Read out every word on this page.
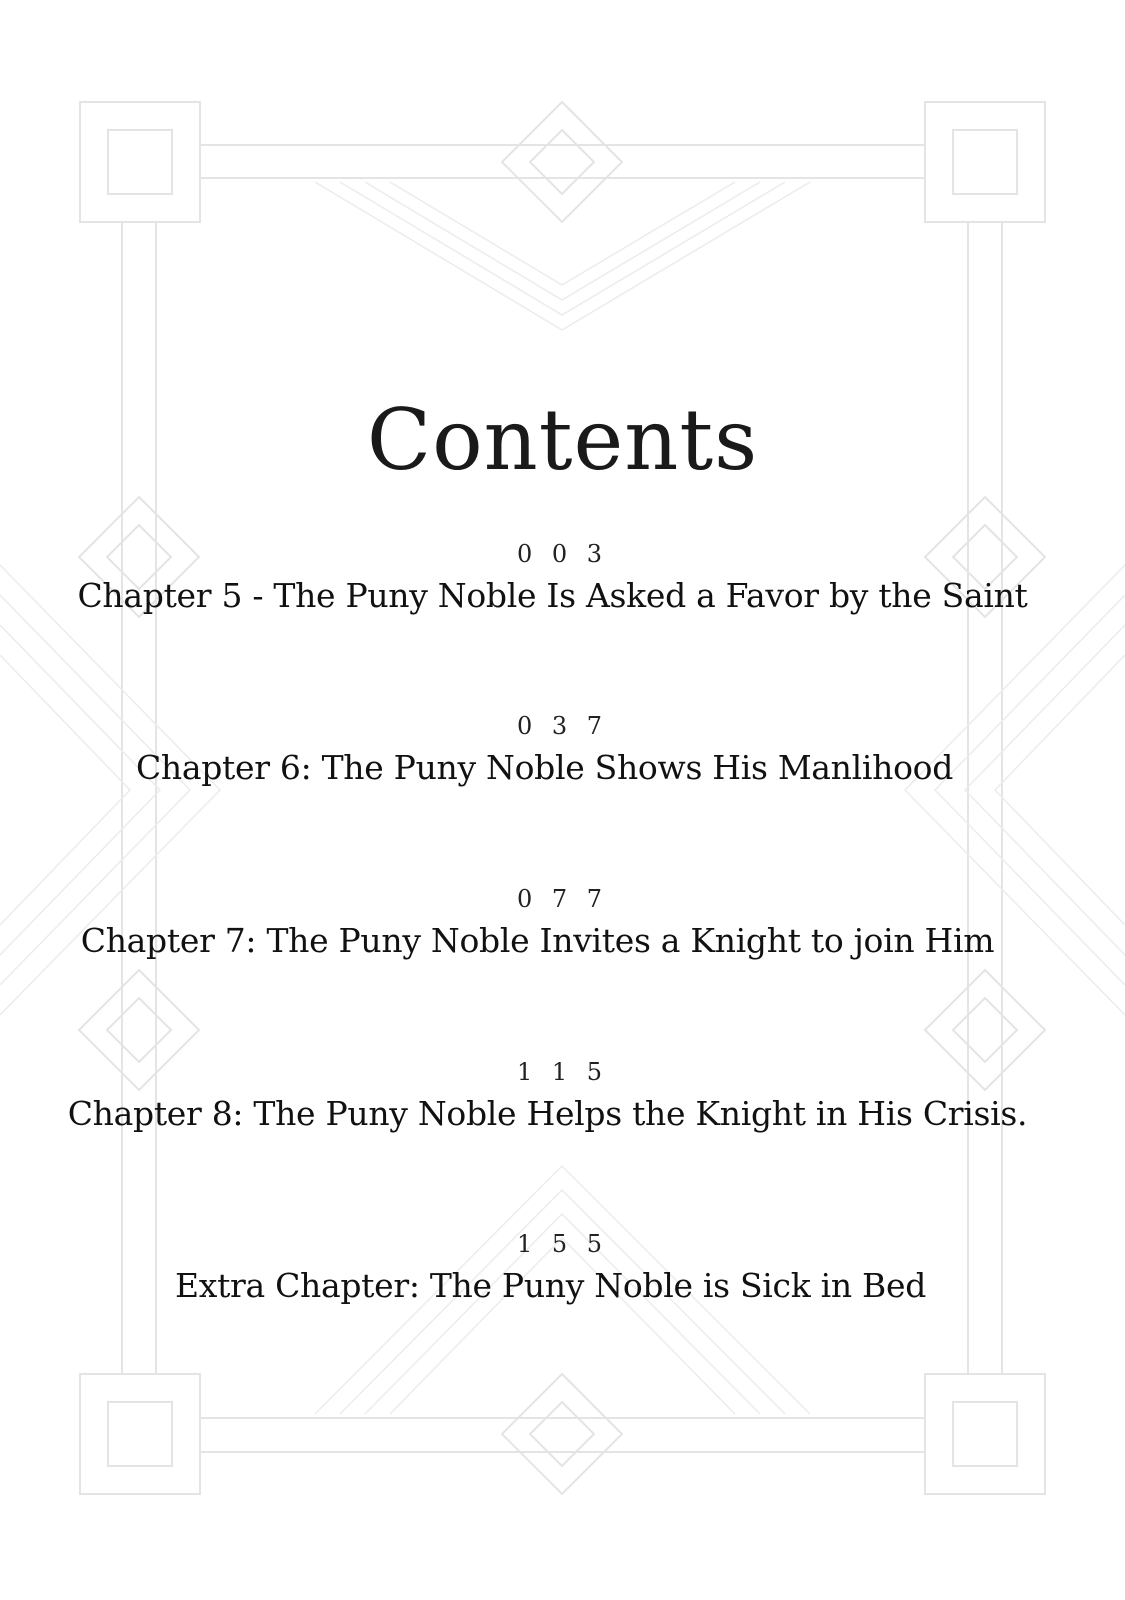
Contents
0 0 3
Chapter 5 - The Puny Noble Is Asked a Favor by the Saint
0 3 7
Chapter 6: The Puny Noble Shows His Manlihood
0 7 7
Chapter 7: The Puny Noble Invites a Knight to join Him
1 1 5
Chapter 8: The Puny Noble Helps the Knight in His Crisis.
1 5 5
Extra Chapter: The Puny Noble is Sick in Bed
